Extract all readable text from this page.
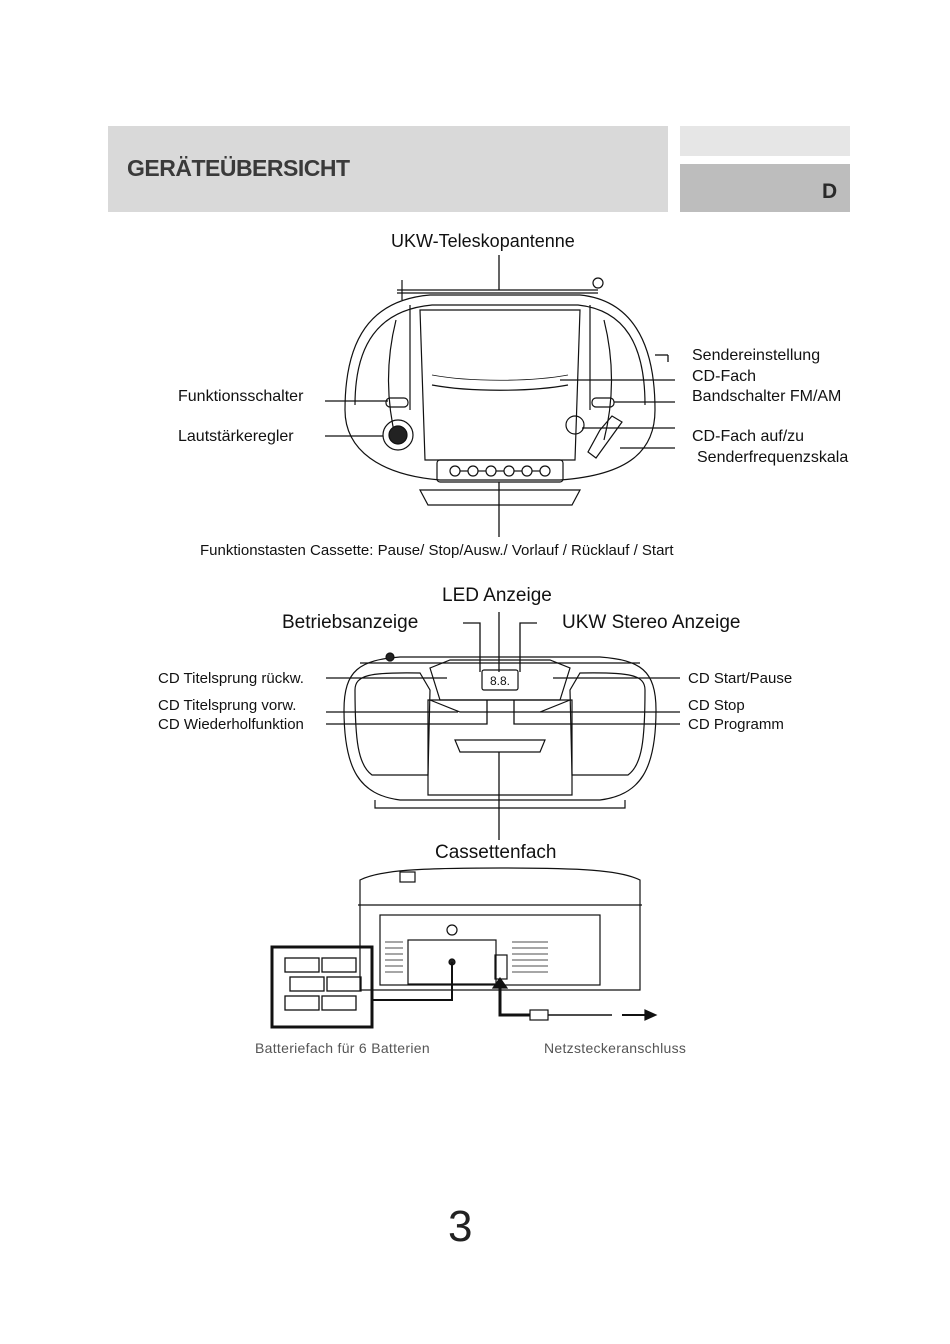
GERÄTEÜBERSICHT
D
8.8.
UKW-Teleskopantenne
Funktionsschalter
Lautstärkeregler
Sendereinstellung
CD-Fach
Bandschalter FM/AM
CD-Fach auf/zu
Senderfrequenzskala
Funktionstasten Cassette: Pause/ Stop/Ausw./ Vorlauf / Rücklauf / Start
LED Anzeige
Betriebsanzeige	UKW Stereo Anzeige
CD Titelsprung rückw.
CD Titelsprung vorw.
CD Wiederholfunktion
CD Start/Pause
CD Stop
CD Programm
Cassettenfach
Batteriefach für 6 Batterien	Netzsteckeranschluss
3
